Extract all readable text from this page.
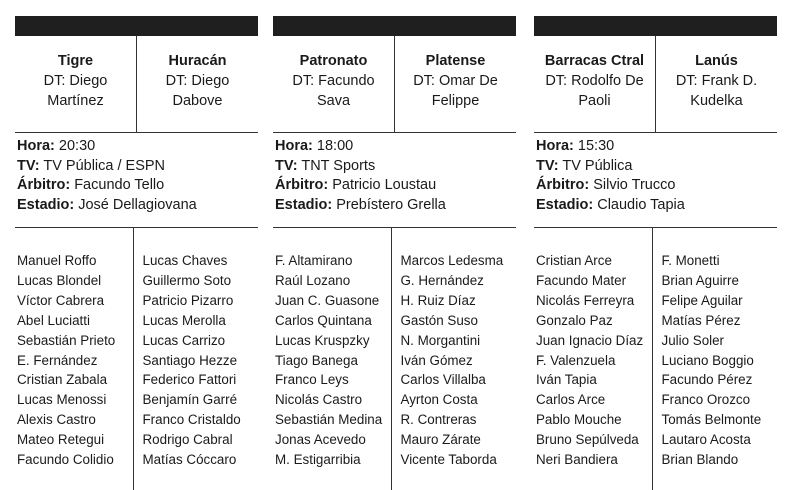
Tigre
DT: Diego Martínez
Huracán
DT: Diego Dabove
Hora: 20:30
TV: TV Pública / ESPN
Árbitro: Facundo Tello
Estadio: José Dellagiovana
Manuel Roffo
Lucas Blondel
Víctor Cabrera
Abel Luciatti
Sebastián Prieto
E. Fernández
Cristian Zabala
Lucas Menossi
Alexis Castro
Mateo Retegui
Facundo Colidio
Lucas Chaves
Guillermo Soto
Patricio Pizarro
Lucas Merolla
Lucas Carrizo
Santiago Hezze
Federico Fattori
Benjamín Garré
Franco Cristaldo
Rodrigo Cabral
Matías Cóccaro
Patronato
DT: Facundo Sava
Platense
DT: Omar De Felippe
Hora: 18:00
TV: TNT Sports
Árbitro: Patricio Loustau
Estadio: Prebístero Grella
F. Altamirano
Raúl Lozano
Juan C. Guasone
Carlos Quintana
Lucas Kruspzky
Tiago Banega
Franco Leys
Nicolás Castro
Sebastián Medina
Jonas Acevedo
M. Estigarribia
Marcos Ledesma
G. Hernández
H. Ruiz Díaz
Gastón Suso
N. Morgantini
Iván Gómez
Carlos Villalba
Ayrton Costa
R. Contreras
Mauro Zárate
Vicente Taborda
Barracas Ctral
DT: Rodolfo De Paoli
Lanús
DT: Frank D. Kudelka
Hora: 15:30
TV: TV Pública
Árbitro: Silvio Trucco
Estadio: Claudio Tapia
Cristian Arce
Facundo Mater
Nicolás Ferreyra
Gonzalo Paz
Juan Ignacio Díaz
F. Valenzuela
Iván Tapia
Carlos Arce
Pablo Mouche
Bruno Sepúlveda
Neri Bandiera
F. Monetti
Brian Aguirre
Felipe Aguilar
Matías Pérez
Julio Soler
Luciano Boggio
Facundo Pérez
Franco Orozco
Tomás Belmonte
Lautaro Acosta
Brian Blando
